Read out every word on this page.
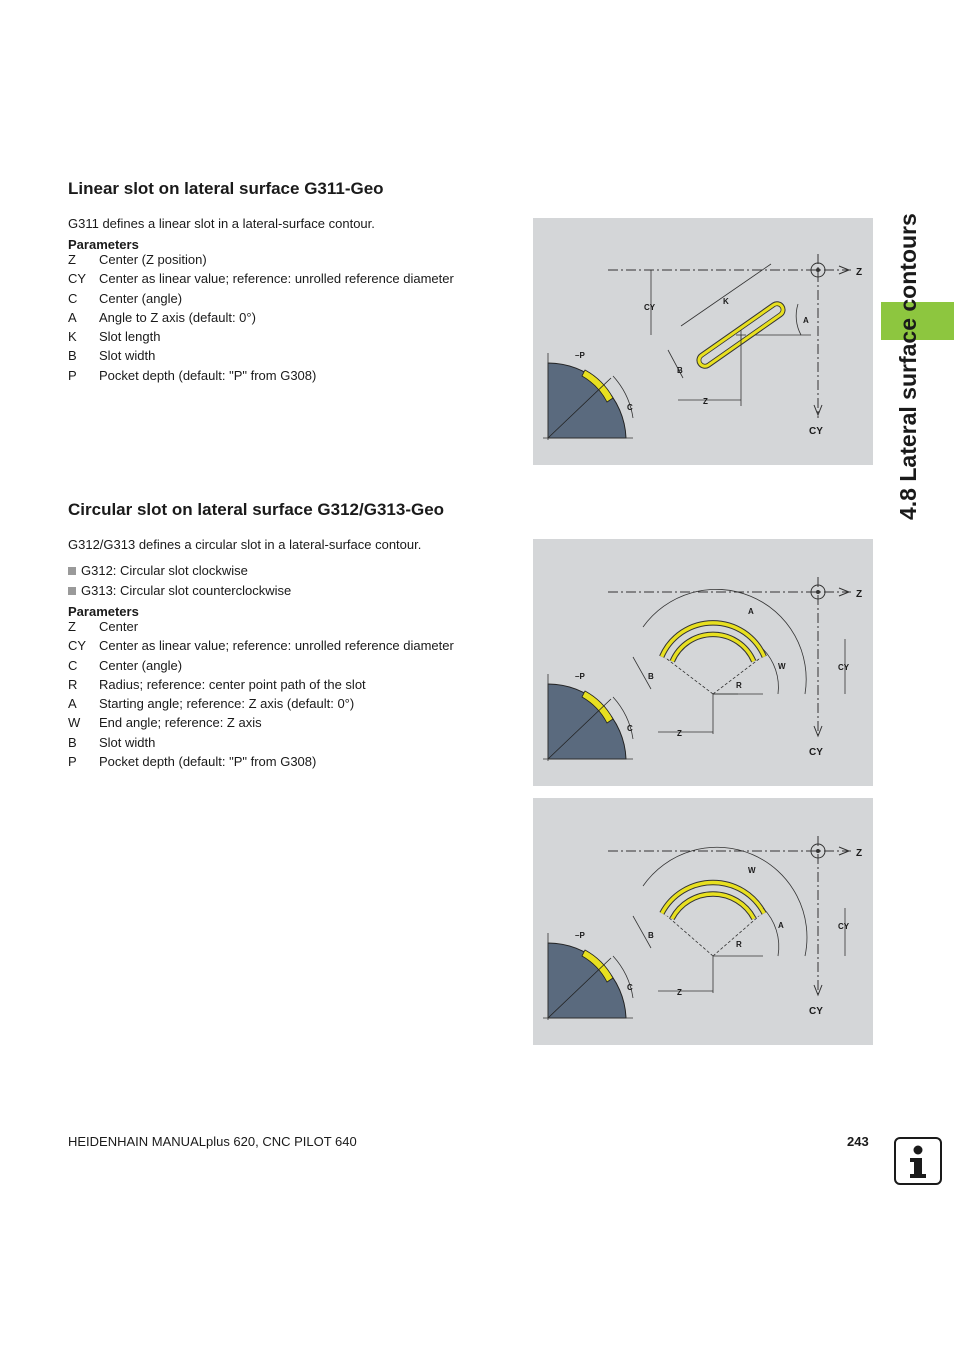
Linear slot on lateral surface G311-Geo
G311 defines a linear slot in a lateral-surface contour.
Parameters
Z	Center (Z position)
CY Center as linear value; reference: unrolled reference diameter
C	Center (angle)
A	Angle to Z axis (default: 0°)
K	Slot length
B	Slot width
P	Pocket depth (default: "P" from G308)
Z
CY
CY
K
A
B
Z
–P
C
Circular slot on lateral surface G312/G313-Geo
G312/G313 defines a circular slot in a lateral-surface contour.
G312: Circular slot clockwise
G313: Circular slot counterclockwise
Parameters
Z	Center
CY Center as linear value; reference: unrolled reference diameter
C	Center (angle)
R	Radius; reference: center point path of the slot
A	Starting angle; reference: Z axis (default: 0°)
W	End angle; reference: Z axis
B	Slot width
P	Pocket depth (default: "P" from G308)
Z
CY
R
A
W	CY
B
Z
–P
C
Z
CY
R
W
A	CY
B
Z
–P
C
4.8 Lateral surface contours
HEIDENHAIN MANUALplus 620, CNC PILOT 640	243
